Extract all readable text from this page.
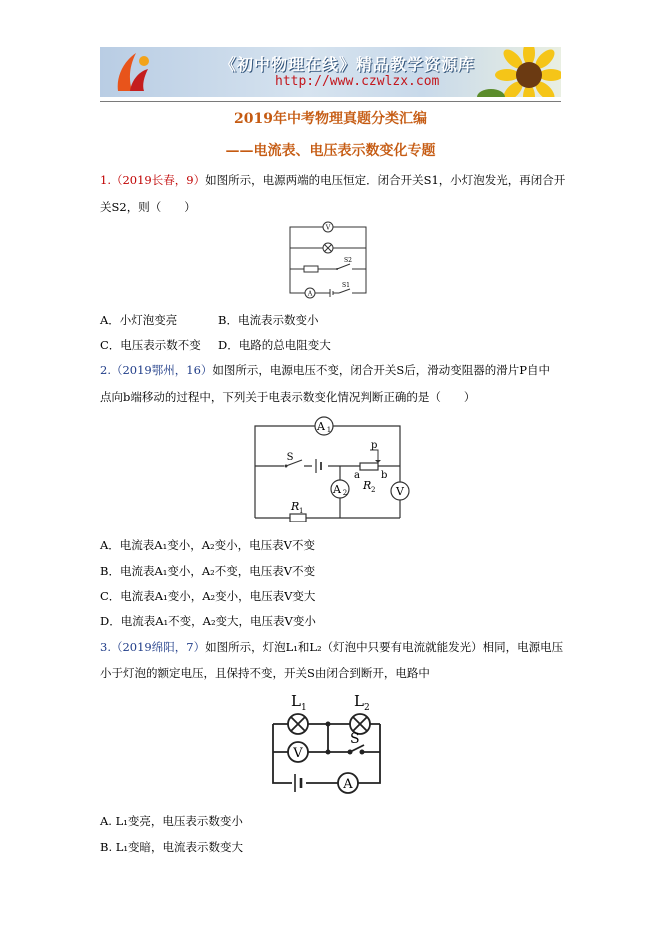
《初中物理在线》精品教学资源库
http://www.czwlzx.com
2019年中考物理真题分类汇编
——电流表、电压表示数变化专题
1.（2019长春，9）如图所示，电源两端的电压恒定．闭合开关S1，小灯泡发光，再闭合开
关S2，则（　　）
V
S2
A
S1
A．小灯泡变亮	B．电流表示数变小
C．电压表示数不变 D．电路的总电阻变大
2.（2019鄂州，16）如图所示，电源电压不变，闭合开关S后，滑动变阻器的滑片P自中
点向b端移动的过程中，下列关于电表示数变化情况判断正确的是（　　）
A 1
S
p
a b
R 2
A 2	V
R 1
A．电流表A₁变小，A₂变小，电压表V不变
B．电流表A₁变小，A₂不变，电压表V不变
C．电流表A₁变小，A₂变小，电压表V变大
D．电流表A₁不变，A₂变大，电压表V变小
3.（2019绵阳，7）如图所示，灯泡L₁和L₂（灯泡中只要有电流就能发光）相同，电源电压
小于灯泡的额定电压，且保持不变，开关S由闭合到断开，电路中
L 1	L 2
V
S
A
A. L₁变亮，电压表示数变小
B. L₁变暗，电流表示数变大
